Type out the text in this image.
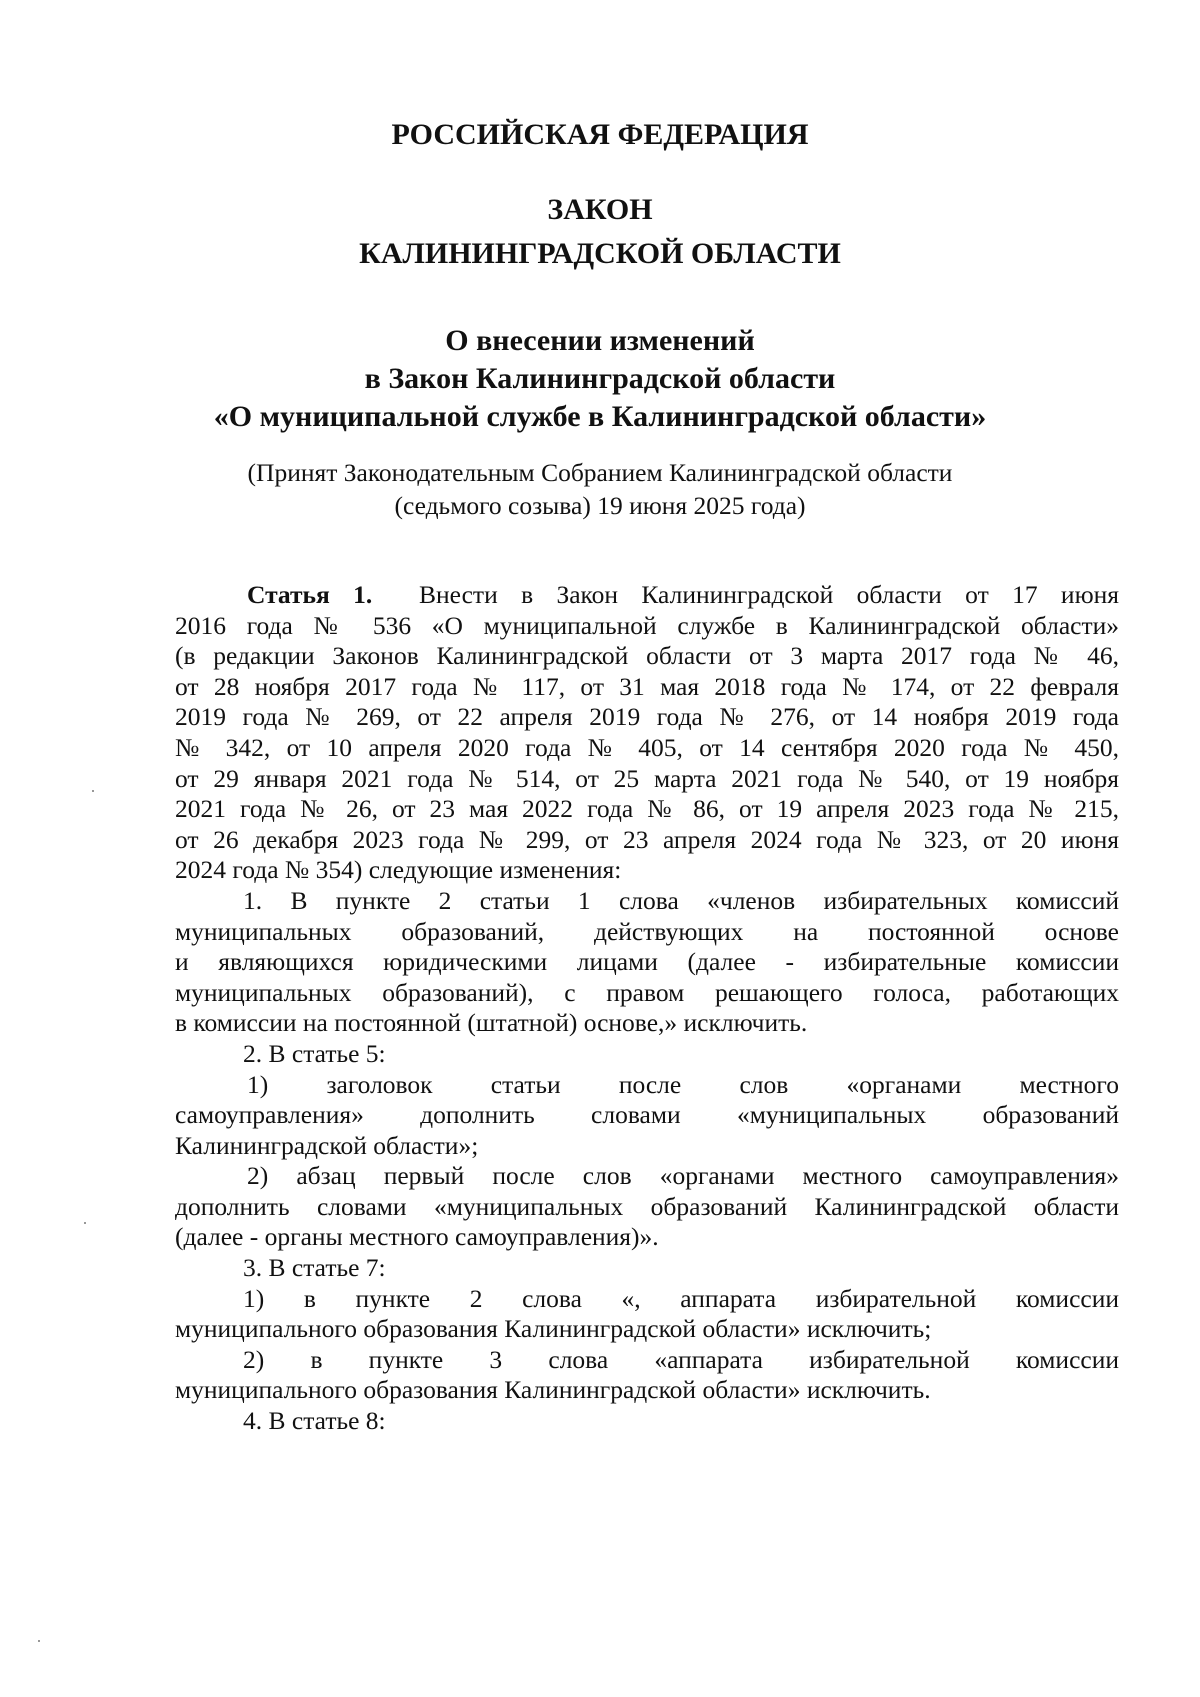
РОССИЙСКАЯ ФЕДЕРАЦИЯ
ЗАКОН
КАЛИНИНГРАДСКОЙ ОБЛАСТИ
О внесении изменений
в Закон Калининградской области
«О муниципальной службе в Калининградской области»
(Принят Законодательным Собранием Калининградской области
(седьмого созыва) 19 июня 2025 года)
Статья 1. Внести в Закон Калининградской области от 17 июня
2016 года № 536 «О муниципальной службе в Калининградской области»
(в редакции Законов Калининградской области от 3 марта 2017 года № 46,
от 28 ноября 2017 года № 117, от 31 мая 2018 года № 174, от 22 февраля
2019 года № 269, от 22 апреля 2019 года № 276, от 14 ноября 2019 года
№ 342, от 10 апреля 2020 года № 405, от 14 сентября 2020 года № 450,
от 29 января 2021 года № 514, от 25 марта 2021 года № 540, от 19 ноября
2021 года № 26, от 23 мая 2022 года № 86, от 19 апреля 2023 года № 215,
от 26 декабря 2023 года № 299, от 23 апреля 2024 года № 323, от 20 июня
2024 года № 354) следующие изменения:
1. В пункте 2 статьи 1 слова «членов избирательных комиссий
муниципальных образований, действующих на постоянной основе
и являющихся юридическими лицами (далее - избирательные комиссии
муниципальных образований), с правом решающего голоса, работающих
в комиссии на постоянной (штатной) основе,» исключить.
2. В статье 5:
1) заголовок статьи после слов «органами местного
самоуправления» дополнить словами «муниципальных образований
Калининградской области»;
2) абзац первый после слов «органами местного самоуправления»
дополнить словами «муниципальных образований Калининградской области
(далее - органы местного самоуправления)».
3. В статье 7:
1) в пункте 2 слова «, аппарата избирательной комиссии
муниципального образования Калининградской области» исключить;
2) в пункте 3 слова «аппарата избирательной комиссии
муниципального образования Калининградской области» исключить.
4. В статье 8:
